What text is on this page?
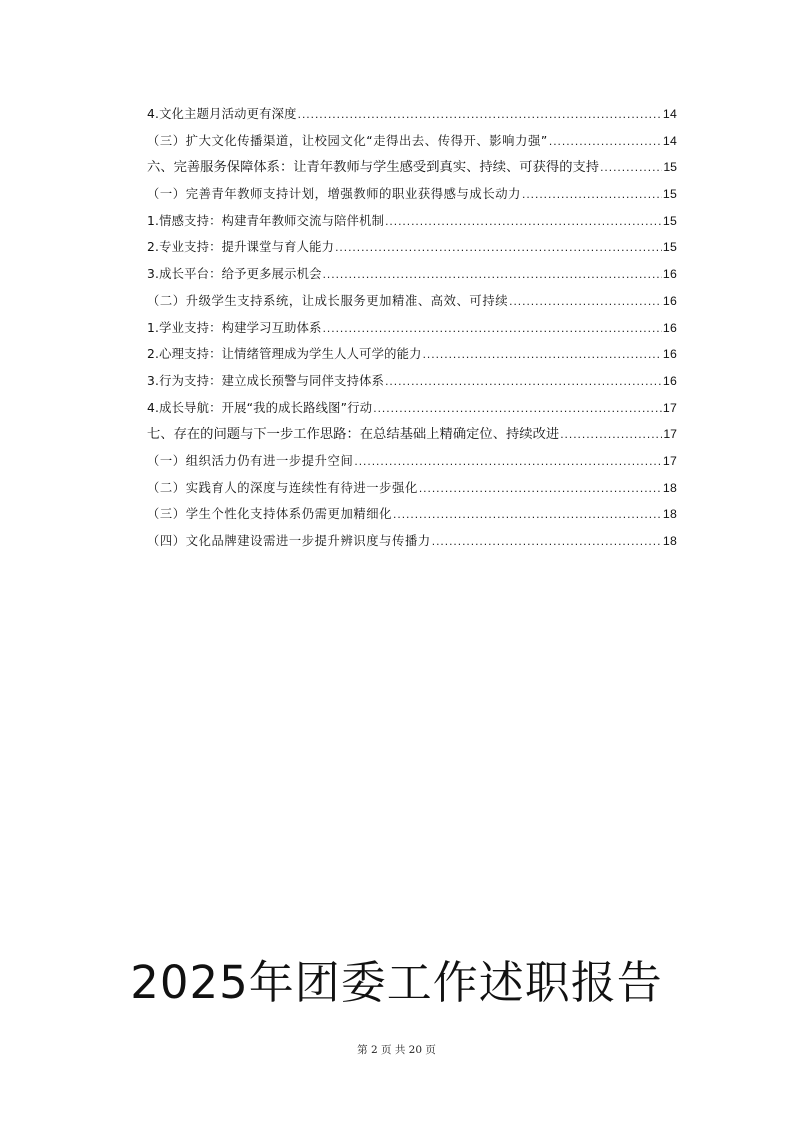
4.文化主题月活动更有深度 .....	14
（三）扩大文化传播渠道，让校园文化“走得出去、传得开、影响力强” .....	14
六、完善服务保障体系：让青年教师与学生感受到真实、持续、可获得的支持 .....	15
（一）完善青年教师支持计划，增强教师的职业获得感与成长动力 .....	15
1.情感支持：构建青年教师交流与陪伴机制 .....	15
2.专业支持：提升课堂与育人能力 .....	15
3.成长平台：给予更多展示机会 .....	16
（二）升级学生支持系统，让成长服务更加精准、高效、可持续 .....	16
1.学业支持：构建学习互助体系 .....	16
2.心理支持：让情绪管理成为学生人人可学的能力 .....	16
3.行为支持：建立成长预警与同伴支持体系 .....	16
4.成长导航：开展“我的成长路线图”行动 .....	17
七、存在的问题与下一步工作思路：在总结基础上精确定位、持续改进 .....	17
（一）组织活力仍有进一步提升空间 .....	17
（二）实践育人的深度与连续性有待进一步强化 .....	18
（三）学生个性化支持体系仍需更加精细化 .....	18
（四）文化品牌建设需进一步提升辨识度与传播力 .....	18
2025年团委工作述职报告
第 2 页 共 20 页
